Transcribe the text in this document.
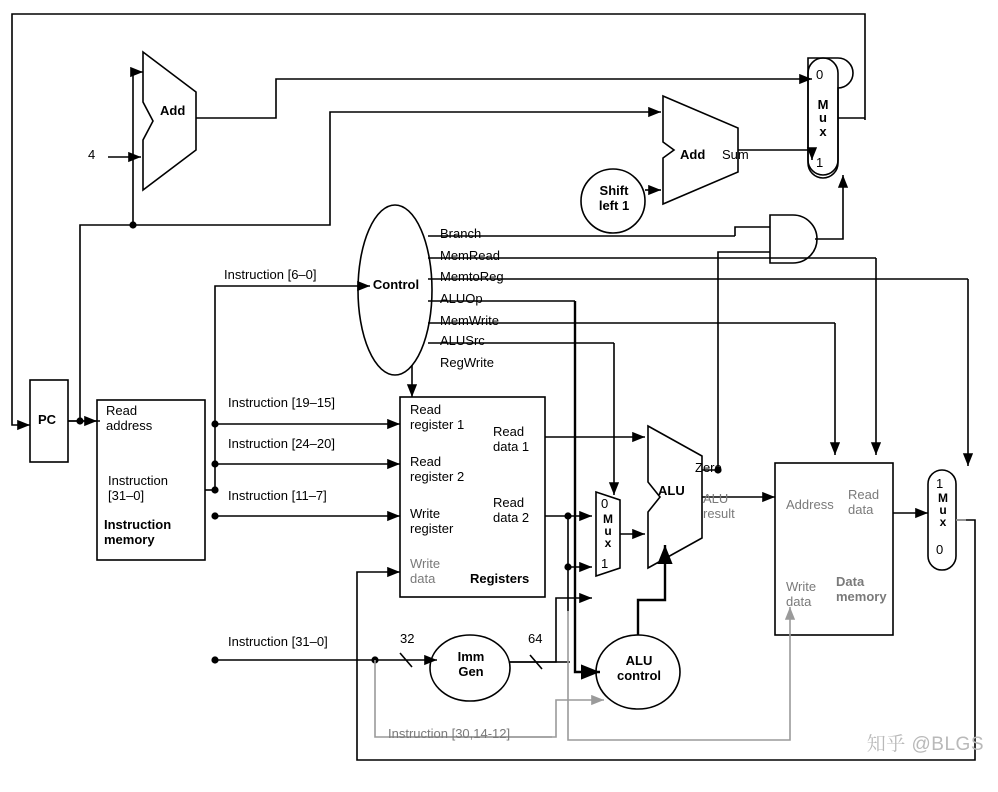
Add
4	Add Sum
Shift
left 1
Control
PC
Read
address
Instruction
[31–0]
Instruction
memory
Branch
MemRead
MemtoReg
ALUOp
MemWrite
ALUSrc
RegWrite
Instruction [6–0]
Instruction [19–15]
Instruction [24–20]
Instruction [11–7]
Instruction [31–0]
Instruction [30,14-12]
Read
register 1
Read
register 2
Write
register
Write
data
Read
data 1
Read
data 2
Registers
ALU
Zero
ALU
result
ALU
control
Imm
Gen
32	64
Address
Write
data
Read
data
Data
memory
0
M
u
x
1
0
M
u
x
1
1
M
u
x
0
知乎 @BLGS
